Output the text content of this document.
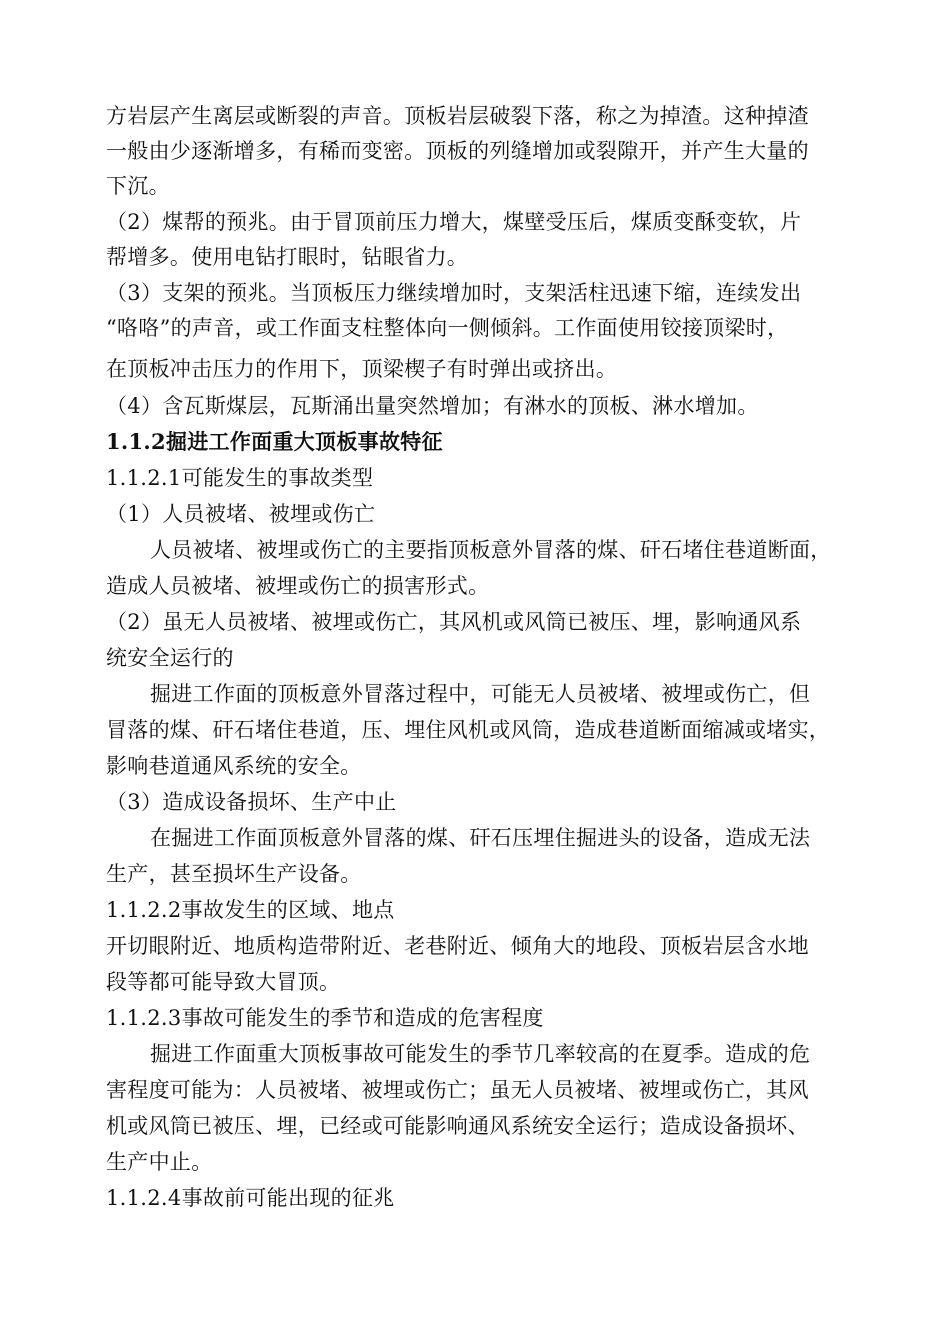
方岩层产生离层或断裂的声音。顶板岩层破裂下落，称之为掉渣。这种掉渣
一般由少逐渐增多，有稀而变密。顶板的列缝增加或裂隙开，并产生大量的
下沉。
（2）煤帮的预兆。由于冒顶前压力增大，煤壁受压后，煤质变酥变软，片
帮增多。使用电钻打眼时，钻眼省力。
（3）支架的预兆。当顶板压力继续增加时，支架活柱迅速下缩，连续发出
“咯咯”的声音，或工作面支柱整体向一侧倾斜。工作面使用铰接顶梁时，
在顶板冲击压力的作用下，顶梁楔子有时弹出或挤出。
（4）含瓦斯煤层，瓦斯涌出量突然增加；有淋水的顶板、淋水增加。
1.1.2掘进工作面重大顶板事故特征
1.1.2.1可能发生的事故类型
（1）人员被堵、被埋或伤亡
人员被堵、被埋或伤亡的主要指顶板意外冒落的煤、矸石堵住巷道断面，
造成人员被堵、被埋或伤亡的损害形式。
（2）虽无人员被堵、被埋或伤亡，其风机或风筒已被压、埋，影响通风系
统安全运行的
掘进工作面的顶板意外冒落过程中，可能无人员被堵、被埋或伤亡，但
冒落的煤、矸石堵住巷道，压、埋住风机或风筒，造成巷道断面缩减或堵实，
影响巷道通风系统的安全。
（3）造成设备损坏、生产中止
在掘进工作面顶板意外冒落的煤、矸石压埋住掘进头的设备，造成无法
生产，甚至损坏生产设备。
1.1.2.2事故发生的区域、地点
开切眼附近、地质构造带附近、老巷附近、倾角大的地段、顶板岩层含水地
段等都可能导致大冒顶。
1.1.2.3事故可能发生的季节和造成的危害程度
掘进工作面重大顶板事故可能发生的季节几率较高的在夏季。造成的危
害程度可能为：人员被堵、被埋或伤亡；虽无人员被堵、被埋或伤亡，其风
机或风筒已被压、埋，已经或可能影响通风系统安全运行；造成设备损坏、
生产中止。
1.1.2.4事故前可能出现的征兆
